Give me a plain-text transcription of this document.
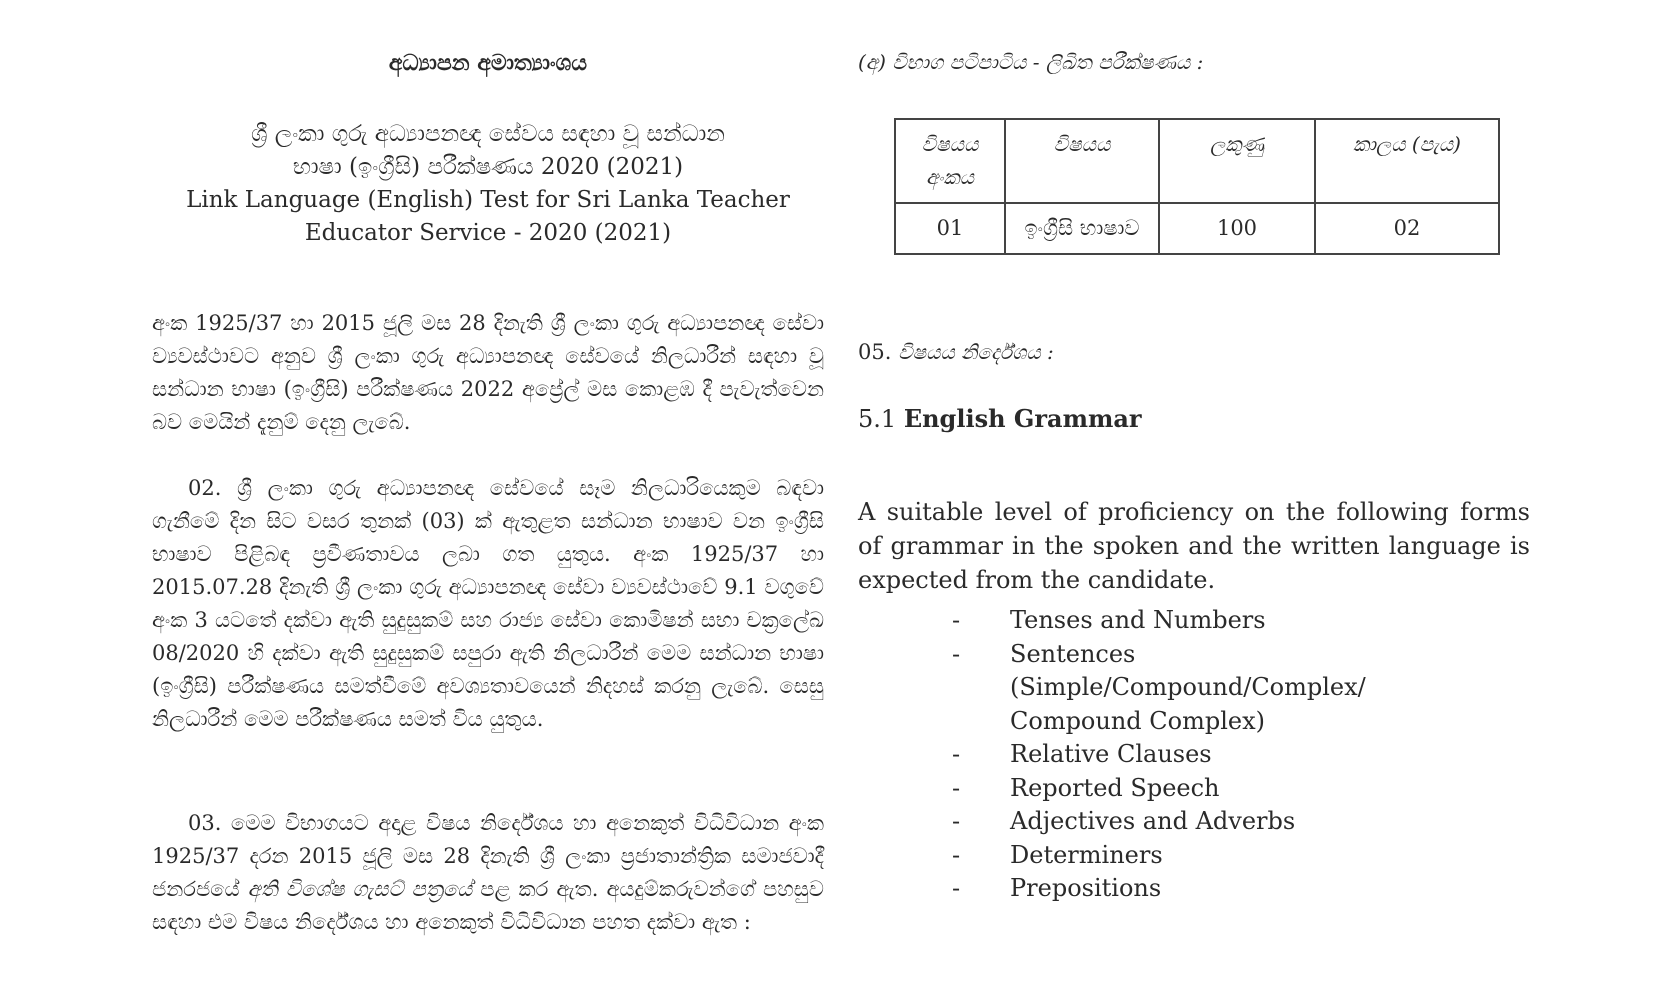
අධ්‍යාපන අමාත්‍යාංශය
ශ්‍රී ලංකා ගුරු අධ්‍යාපනඥ සේවය සඳහා වූ සන්ධාන
භාෂා (ඉංග්‍රීසි) පරීක්ෂණය 2020 (2021)
Link Language (English) Test for Sri Lanka Teacher
Educator Service - 2020 (2021)

අංක 1925/37 හා 2015 ජූලි මස 28 දිනැති ශ්‍රී ලංකා ගුරු අධ්‍යාපනඥ සේවා ව්‍යවස්ථාවට අනුව ශ්‍රී ලංකා ගුරු අධ්‍යාපනඥ සේවයේ නිලධාරීන් සඳහා වූ සන්ධාන භාෂා (ඉංග්‍රීසි) පරීක්ෂණය 2022 අප්‍රේල් මස කොළඹ දී පැවැත්වෙන බව මෙයින් දැනුම් දෙනු ලැබේ.

02. ශ්‍රී ලංකා ගුරු අධ්‍යාපනඥ සේවයේ සෑම නිලධාරියෙකුම බඳවා ගැනීමේ දින සිට වසර තුනක් (03) ක් ඇතුළත සන්ධාන භාෂාව වන ඉංග්‍රීසි භාෂාව පිළිබඳ ප්‍රවීණතාවය ලබා ගත යුතුය. අංක 1925/37 හා 2015.07.28 දිනැති ශ්‍රී ලංකා ගුරු අධ්‍යාපනඥ සේවා ව්‍යවස්ථාවේ 9.1 වගුවේ අංක 3 යටතේ දක්වා ඇති සුදුසුකම් සහ රාජ්‍ය සේවා කොමිෂන් සභා චක්‍රලේඛ 08/2020 හි දක්වා ඇති සුදුසුකම් සපුරා ඇති නිලධාරීන් මෙම සන්ධාන භාෂා (ඉංග්‍රීසි) පරීක්ෂණය සමත්වීමේ අවශ්‍යතාවයෙන් නිදහස් කරනු ලැබේ. සෙසු නිලධාරීන් මෙම පරීක්ෂණය සමත් විය යුතුය.

03. මෙම විභාගයට අදාළ විෂය නිර්දේශය හා අනෙකුත් විධිවිධාන අංක 1925/37 දරන 2015 ජූලි මස 28 දිනැති ශ්‍රී ලංකා ප්‍රජාතාන්ත්‍රික සමාජවාදී ජනරජයේ අති විශේෂ ගැසට් පත්‍රයේ පළ කර ඇත. අයදුම්කරුවන්ගේ පහසුව සඳහා එම විෂය නිර්දේශය හා අනෙකුත් විධිවිධාන පහත දක්වා ඇත :

(අ) විභාග පටිපාටිය - ලිඛිත පරීක්ෂණය :
විෂයය අංකය	විෂයය	ලකුණු	කාලය (පැය)
01	ඉංග්‍රීසි භාෂාව	100	02
05. විෂයය නිර්දේශය :
5.1 English Grammar

A suitable level of proficiency on the following forms of grammar in the spoken and the written language is expected from the candidate.

- Tenses and Numbers
- Sentences (Simple/Compound/Complex/ Compound Complex)
- Relative Clauses
- Reported Speech
- Adjectives and Adverbs
- Determiners
- Prepositions
